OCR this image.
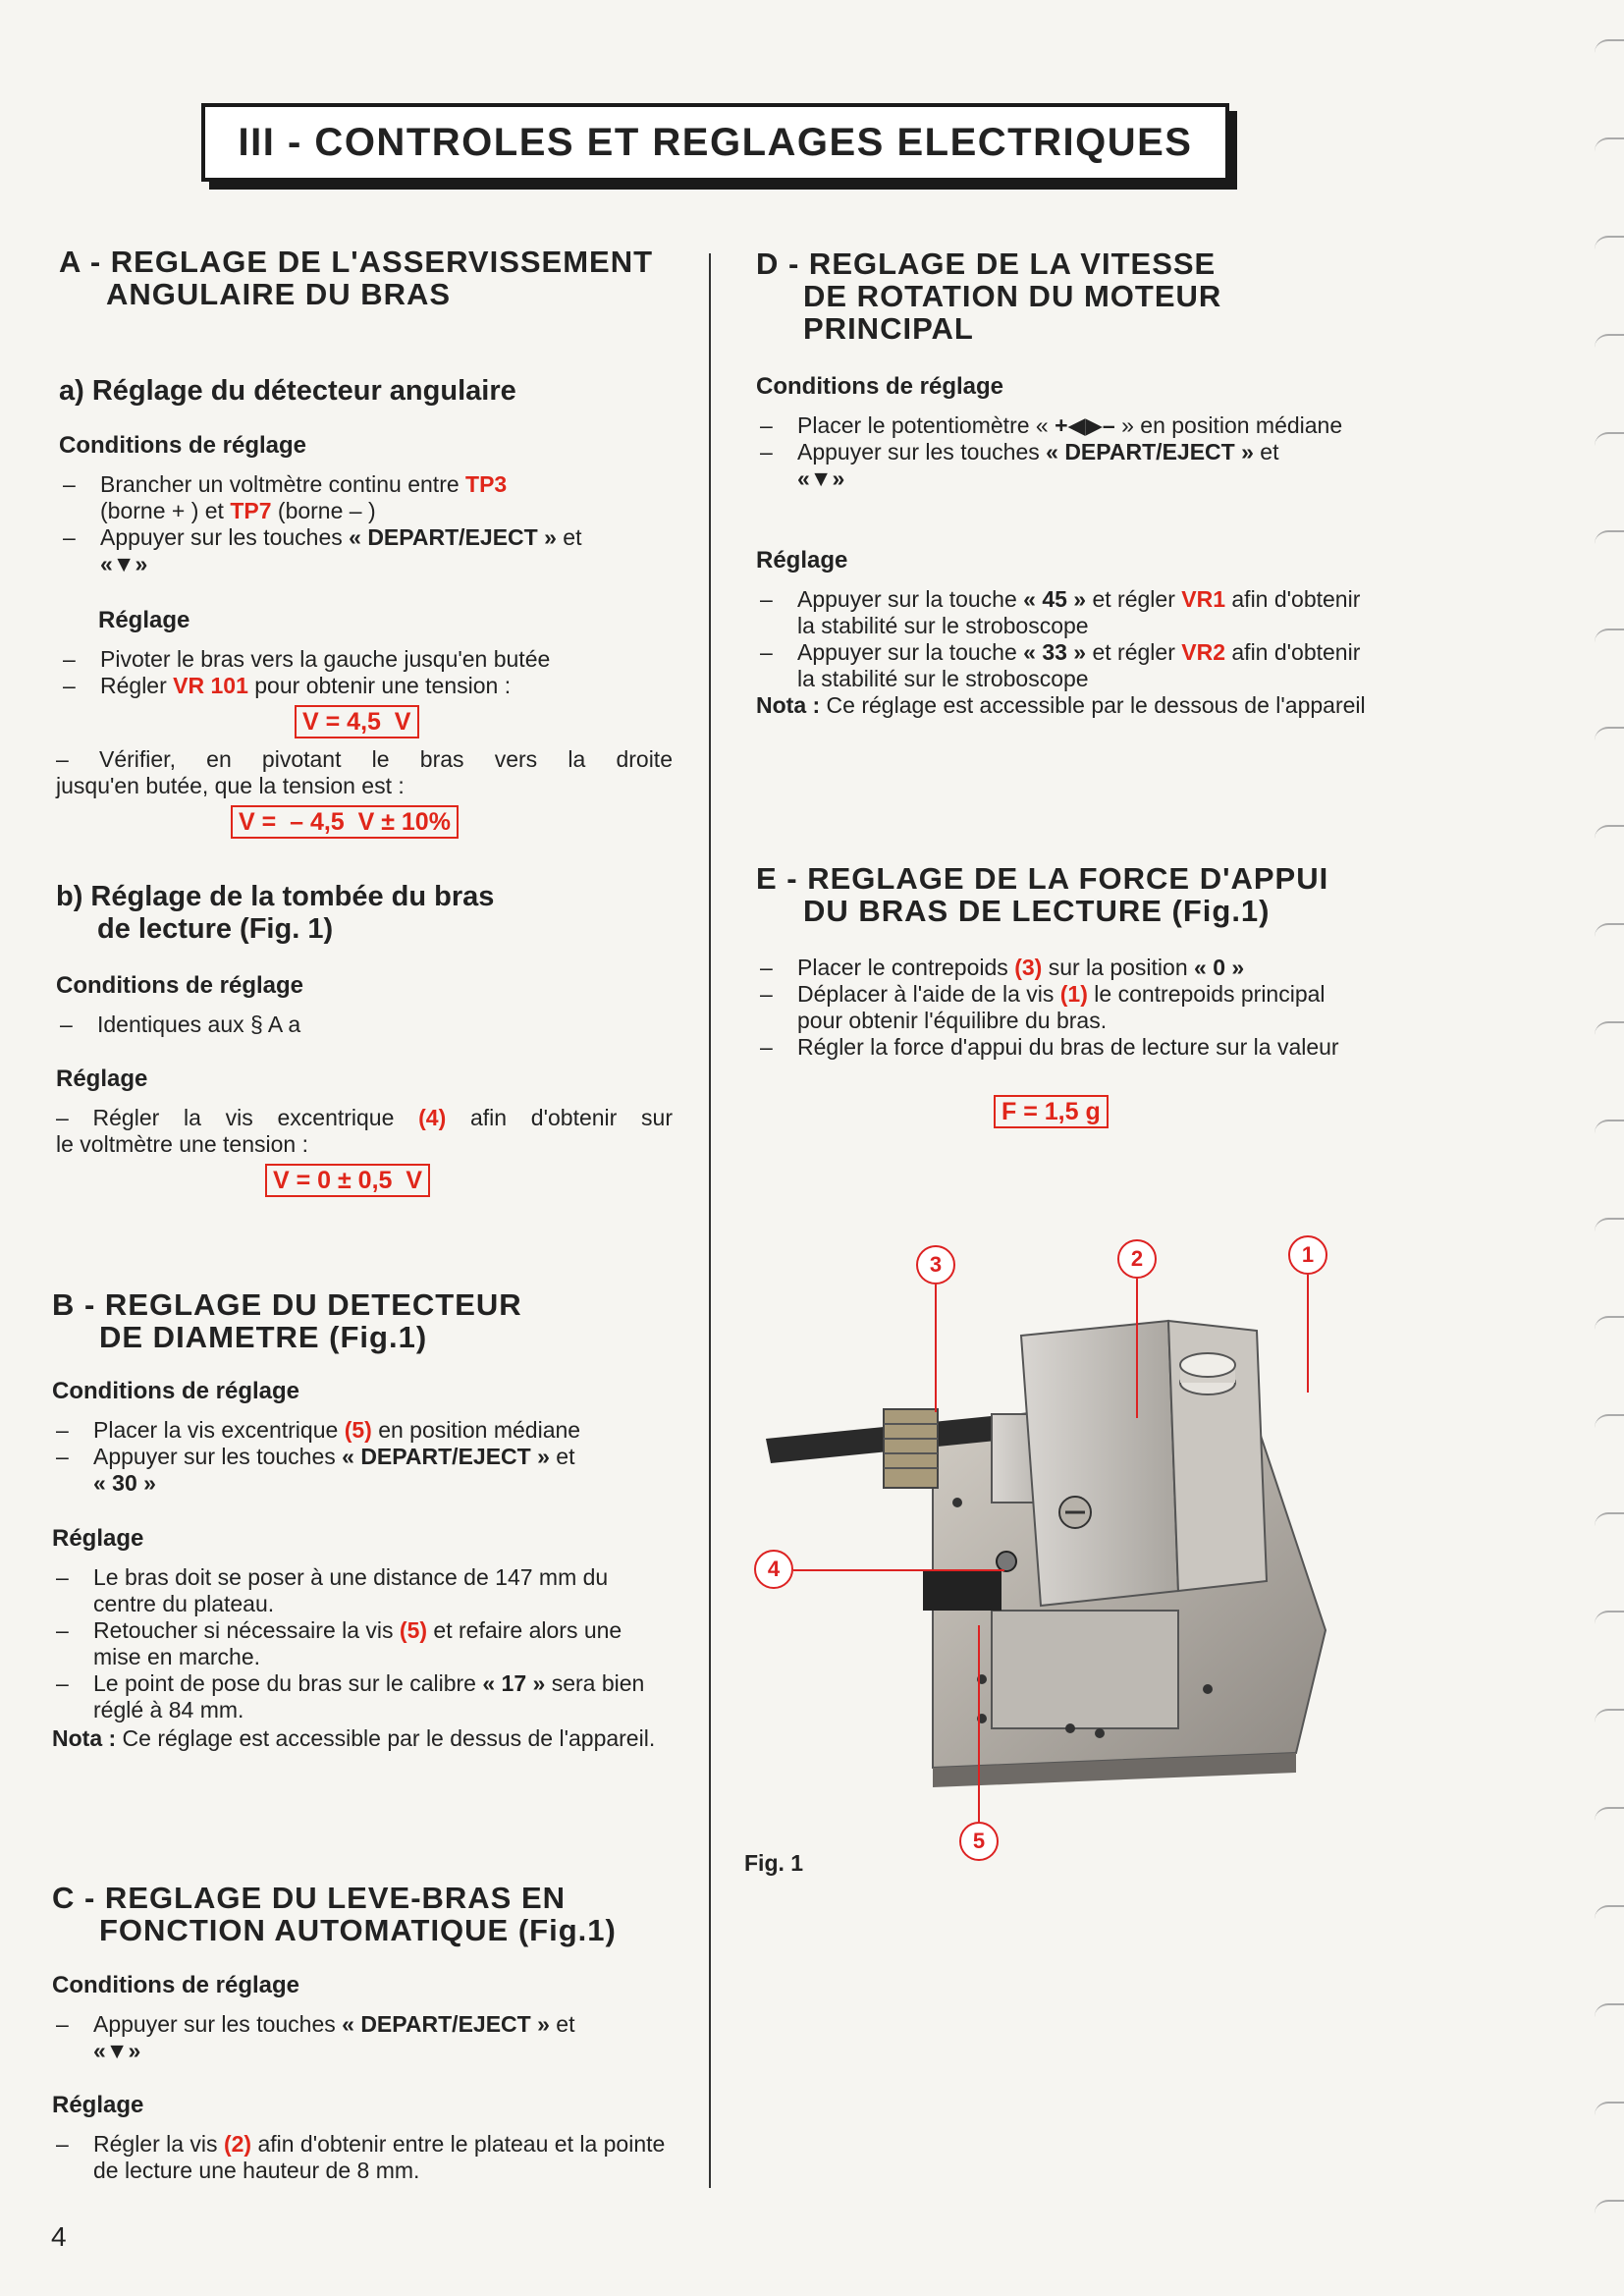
III - CONTROLES ET REGLAGES ELECTRIQUES
A - REGLAGE DE L'ASSERVISSEMENT
ANGULAIRE DU BRAS
a) Réglage du détecteur angulaire
Conditions de réglage
– Brancher un voltmètre continu entre TP3
(borne + ) et TP7 (borne – )
– Appuyer sur les touches « DEPART/EJECT » et
«▼»
Réglage
– Pivoter le bras vers la gauche jusqu'en butée
– Régler VR 101 pour obtenir une tension :
V = 4,5  V
– Vérifier, en pivotant le bras vers la droite
jusqu'en butée, que la tension est :
V =  – 4,5  V ± 10%
b) Réglage de la tombée du bras
de lecture (Fig. 1)
Conditions de réglage
– Identiques aux § A a
Réglage
– Régler la vis excentrique (4) afin d'obtenir sur
le voltmètre une tension :
V = 0 ± 0,5  V
B - REGLAGE DU DETECTEUR
DE DIAMETRE (Fig.1)
Conditions de réglage
– Placer la vis excentrique (5) en position médiane
– Appuyer sur les touches « DEPART/EJECT » et
« 30 »
Réglage
– Le bras doit se poser à une distance de 147 mm du centre du plateau.
– Retoucher si nécessaire la vis (5) et refaire alors une mise en marche.
– Le point de pose du bras sur le calibre « 17 » sera bien réglé à 84 mm.
Nota : Ce réglage est accessible par le dessus de l'appareil.
C - REGLAGE DU LEVE-BRAS EN
FONCTION AUTOMATIQUE (Fig.1)
Conditions de réglage
– Appuyer sur les touches « DEPART/EJECT » et
«▼»
Réglage
– Régler la vis (2) afin d'obtenir entre le plateau et la pointe de lecture une hauteur de 8 mm.
4
D - REGLAGE DE LA VITESSE
DE ROTATION DU MOTEUR
PRINCIPAL
Conditions de réglage
– Placer le potentiomètre « +◀▶– » en position médiane
– Appuyer sur les touches « DEPART/EJECT » et
«▼»
Réglage
– Appuyer sur la touche « 45 » et régler VR1 afin d'obtenir la stabilité sur le stroboscope
– Appuyer sur la touche « 33 » et régler VR2 afin d'obtenir la stabilité sur le stroboscope
Nota : Ce réglage est accessible par le dessous de l'appareil
E - REGLAGE DE LA FORCE D'APPUI
DU BRAS DE LECTURE (Fig.1)
– Placer le contrepoids (3) sur la position « 0 »
– Déplacer à l'aide de la vis (1) le contrepoids principal pour obtenir l'équilibre du bras.
– Régler la force d'appui du bras de lecture sur la valeur
F = 1,5 g
1
2
3
4
5
Fig. 1
